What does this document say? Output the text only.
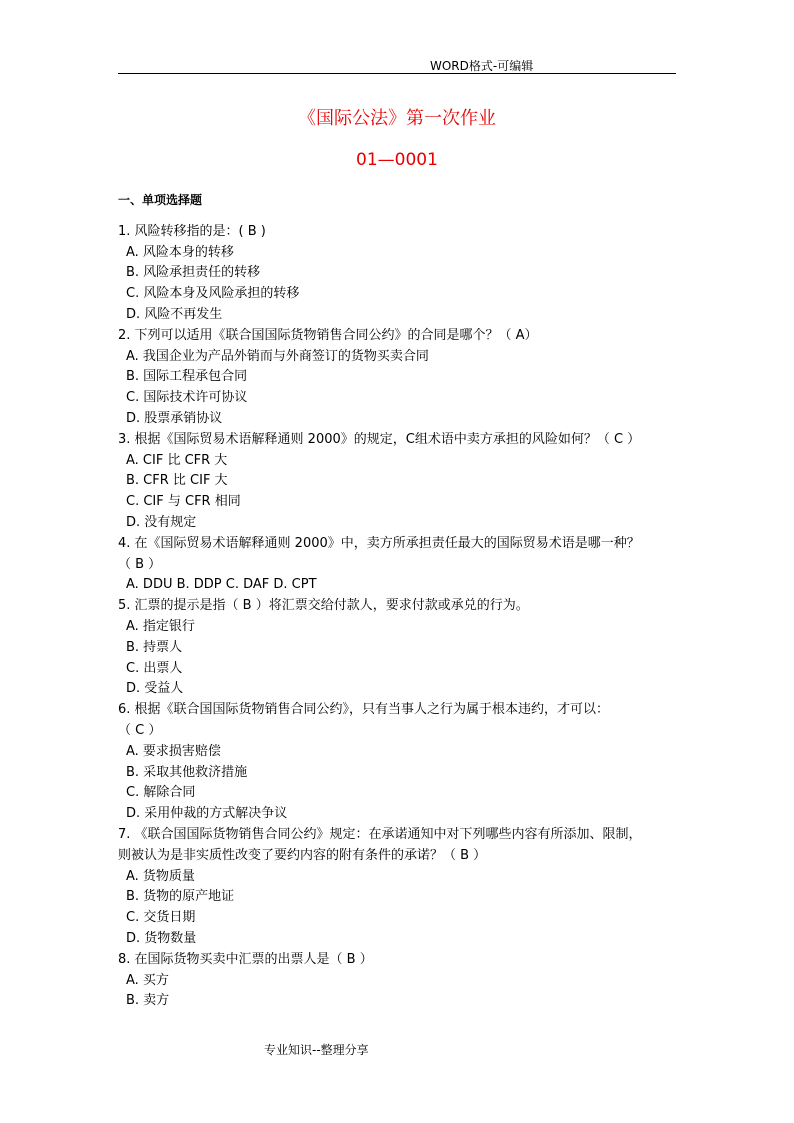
WORD格式-可编辑
《国际公法》第一次作业
01—0001
一、单项选择题
1. 风险转移指的是：( B )
A. 风险本身的转移
B. 风险承担责任的转移
C. 风险本身及风险承担的转移
D. 风险不再发生
2. 下列可以适用《联合国国际货物销售合同公约》的合同是哪个？（ A）
A. 我国企业为产品外销而与外商签订的货物买卖合同
B. 国际工程承包合同
C. 国际技术许可协议
D. 股票承销协议
3. 根据《国际贸易术语解释通则 2000》的规定，C组术语中卖方承担的风险如何？（ C ）
A. CIF 比 CFR 大
B. CFR 比 CIF 大
C. CIF 与 CFR 相同
D. 没有规定
4. 在《国际贸易术语解释通则 2000》中，卖方所承担责任最大的国际贸易术语是哪一种？
（ B ）
A. DDU B. DDP C. DAF D. CPT
5. 汇票的提示是指（ B ）将汇票交给付款人，要求付款或承兑的行为。
A. 指定银行
B. 持票人
C. 出票人
D. 受益人
6. 根据《联合国国际货物销售合同公约》，只有当事人之行为属于根本违约，才可以：
（ C ）
A. 要求损害赔偿
B. 采取其他救济措施
C. 解除合同
D. 采用仲裁的方式解决争议
7. 《联合国国际货物销售合同公约》规定：在承诺通知中对下列哪些内容有所添加、限制，
则被认为是非实质性改变了要约内容的附有条件的承诺？（ B ）
A. 货物质量
B. 货物的原产地证
C. 交货日期
D. 货物数量
8. 在国际货物买卖中汇票的出票人是（ B ）
A. 买方
B. 卖方
专业知识--整理分享
